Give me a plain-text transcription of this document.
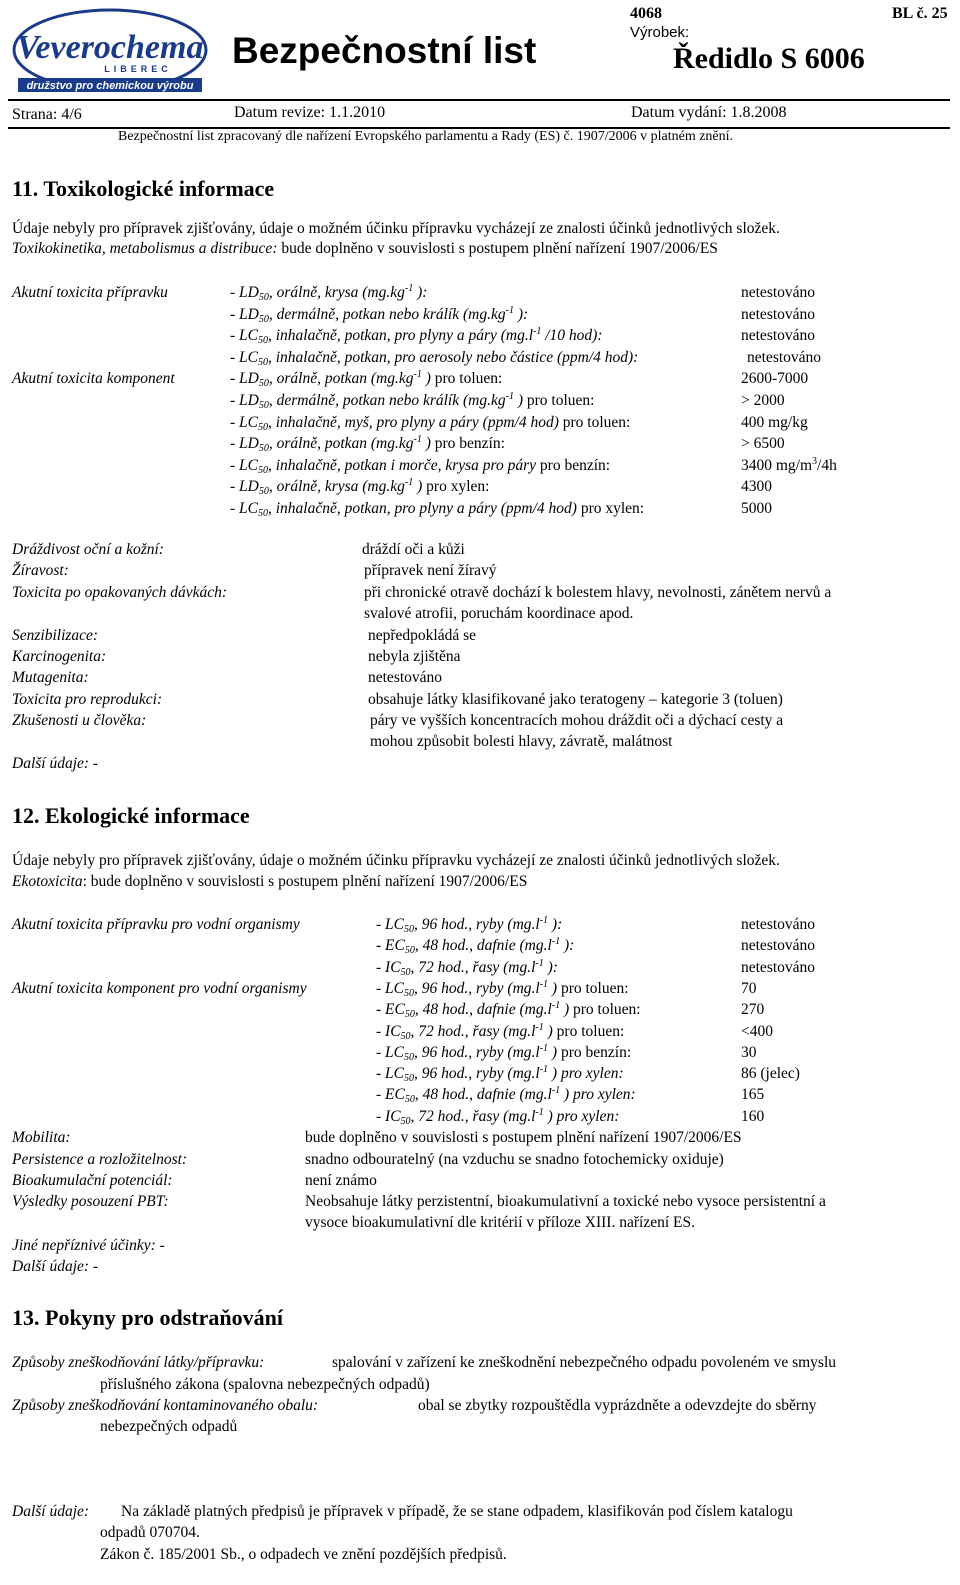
Veverochema
LIBEREC
družstvo pro chemickou výrobu
Bezpečnostní list
4068	BL č. 25
Výrobek:
Ředidlo S 6006
Strana: 4/6	Datum revize: 1.1.2010	Datum vydání: 1.8.2008
Bezpečnostní list zpracovaný dle nařízení Evropského parlamentu a Rady (ES) č. 1907/2006 v platném znění.
11. Toxikologické informace
Údaje nebyly pro přípravek zjišťovány, údaje o možném účinku přípravku vycházejí ze znalosti účinků jednotlivých složek.
Toxikokinetika, metabolismus a distribuce: bude doplněno v souvislosti s postupem plnění nařízení 1907/2006/ES
Akutní toxicita přípravku
Akutní toxicita komponent
- $LD_{50}$, orálně, krysa ($mg.kg^{-1}$ ):	netestováno
- $LD_{50}$, dermálně, potkan nebo králík ($mg.kg^{-1}$ ):	netestováno
- $LC_{50}$, inhalačně, potkan, pro plyny a páry ($mg.l^{-1}$ /10 hod):	netestováno
- $LC_{50}$, inhalačně, potkan, pro aerosoly nebo částice (ppm/4 hod):	netestováno
- $LD_{50}$, orálně, potkan ($mg.kg^{-1}$ ) pro toluen:	2600-7000
- $LD_{50}$, dermálně, potkan nebo králík ($mg.kg^{-1}$ ) pro toluen:	> 2000
- $LC_{50}$, inhalačně, myš, pro plyny a páry (ppm/4 hod) pro toluen:	400 mg/kg
- $LD_{50}$, orálně, potkan ($mg.kg^{-1}$ ) pro benzín:	> 6500
- $LC_{50}$, inhalačně, potkan i morče, krysa pro páry pro benzín:	3400 $mg/m^3/4h$
- $LD_{50}$, orálně, krysa ($mg.kg^{-1}$ ) pro xylen:	4300
- $LC_{50}$, inhalačně, potkan, pro plyny a páry (ppm/4 hod) pro xylen:	5000
Dráždivost oční a kožní:	dráždí oči a kůži
Žíravost:	přípravek není žíravý
Toxicita po opakovaných dávkách:	při chronické otravě dochází k bolestem hlavy, nevolnosti, zánětem nervů a
svalové atrofii, poruchám koordinace apod.
Senzibilizace:	nepředpokládá se
Karcinogenita:	nebyla zjištěna
Mutagenita:	netestováno
Toxicita pro reprodukci:	obsahuje látky klasifikované jako teratogeny – kategorie 3 (toluen)
Zkušenosti u člověka:	páry ve vyšších koncentracích mohou dráždit oči a dýchací cesty a
mohou způsobit bolesti hlavy, závratě, malátnost
Další údaje: -
12. Ekologické informace
Údaje nebyly pro přípravek zjišťovány, údaje o možném účinku přípravku vycházejí ze znalosti účinků jednotlivých složek.
Ekotoxicita: bude doplněno v souvislosti s postupem plnění nařízení 1907/2006/ES
Akutní toxicita přípravku pro vodní organismy
Akutní toxicita komponent pro vodní organismy
- $LC_{50}$, 96 hod., ryby ($mg.l^{-1}$ ):	netestováno
- $EC_{50}$, 48 hod., dafnie ($mg.l^{-1}$ ):	netestováno
- $IC_{50}$, 72 hod., řasy ($mg.l^{-1}$ ):	netestováno
- $LC_{50}$, 96 hod., ryby ($mg.l^{-1}$ ) pro toluen:	70
- $EC_{50}$, 48 hod., dafnie ($mg.l^{-1}$ ) pro toluen:	270
- $IC_{50}$, 72 hod., řasy ($mg.l^{-1}$ ) pro toluen:	<400
- $LC_{50}$, 96 hod., ryby ($mg.l^{-1}$ ) pro benzín:	30
- $LC_{50}$, 96 hod., ryby ($mg.l^{-1}$ ) pro xylen:	86 (jelec)
- $EC_{50}$, 48 hod., dafnie ($mg.l^{-1}$ ) pro xylen:	165
- $IC_{50}$, 72 hod., řasy ($mg.l^{-1}$ ) pro xylen:	160
Mobilita:	bude doplněno v souvislosti s postupem plnění nařízení 1907/2006/ES
Persistence a rozložitelnost:	snadno odbouratelný (na vzduchu se snadno fotochemicky oxiduje)
Bioakumulační potenciál:	není známo
Výsledky posouzení PBT:	Neobsahuje látky perzistentní, bioakumulativní a toxické nebo vysoce persistentní a
vysoce bioakumulativní dle kritérií v příloze XIII. nařízení ES.
Jiné nepříznivé účinky: -
Další údaje: -
13. Pokyny pro odstraňování
Způsoby zneškodňování látky/přípravku:	spalování v zařízení ke zneškodnění nebezpečného odpadu povoleném ve smyslu
příslušného zákona (spalovna nebezpečných odpadů)
Způsoby zneškodňování kontaminovaného obalu:	obal se zbytky rozpouštědla vyprázdněte a odevzdejte do sběrny
nebezpečných odpadů
Další údaje: Na základě platných předpisů je přípravek v případě, že se stane odpadem, klasifikován pod číslem katalogu
odpadů 070704.
Zákon č. 185/2001 Sb., o odpadech ve znění pozdějších předpisů.
